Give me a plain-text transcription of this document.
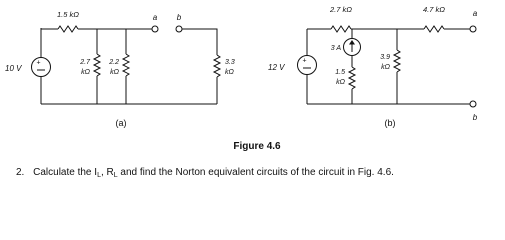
+
1.5 kΩ	a b
10 V
2.7
kΩ
2.2
kΩ
3.3
kΩ
(a)
+
2.7 kΩ	4.7 kΩ	a
b
12 V
3 A
1.5
kΩ
3.9
kΩ
(b)
Figure 4.6
2. Calculate the $I_L$, $R_L$ and find the Norton equivalent circuits of the circuit in Fig. 4.6.
